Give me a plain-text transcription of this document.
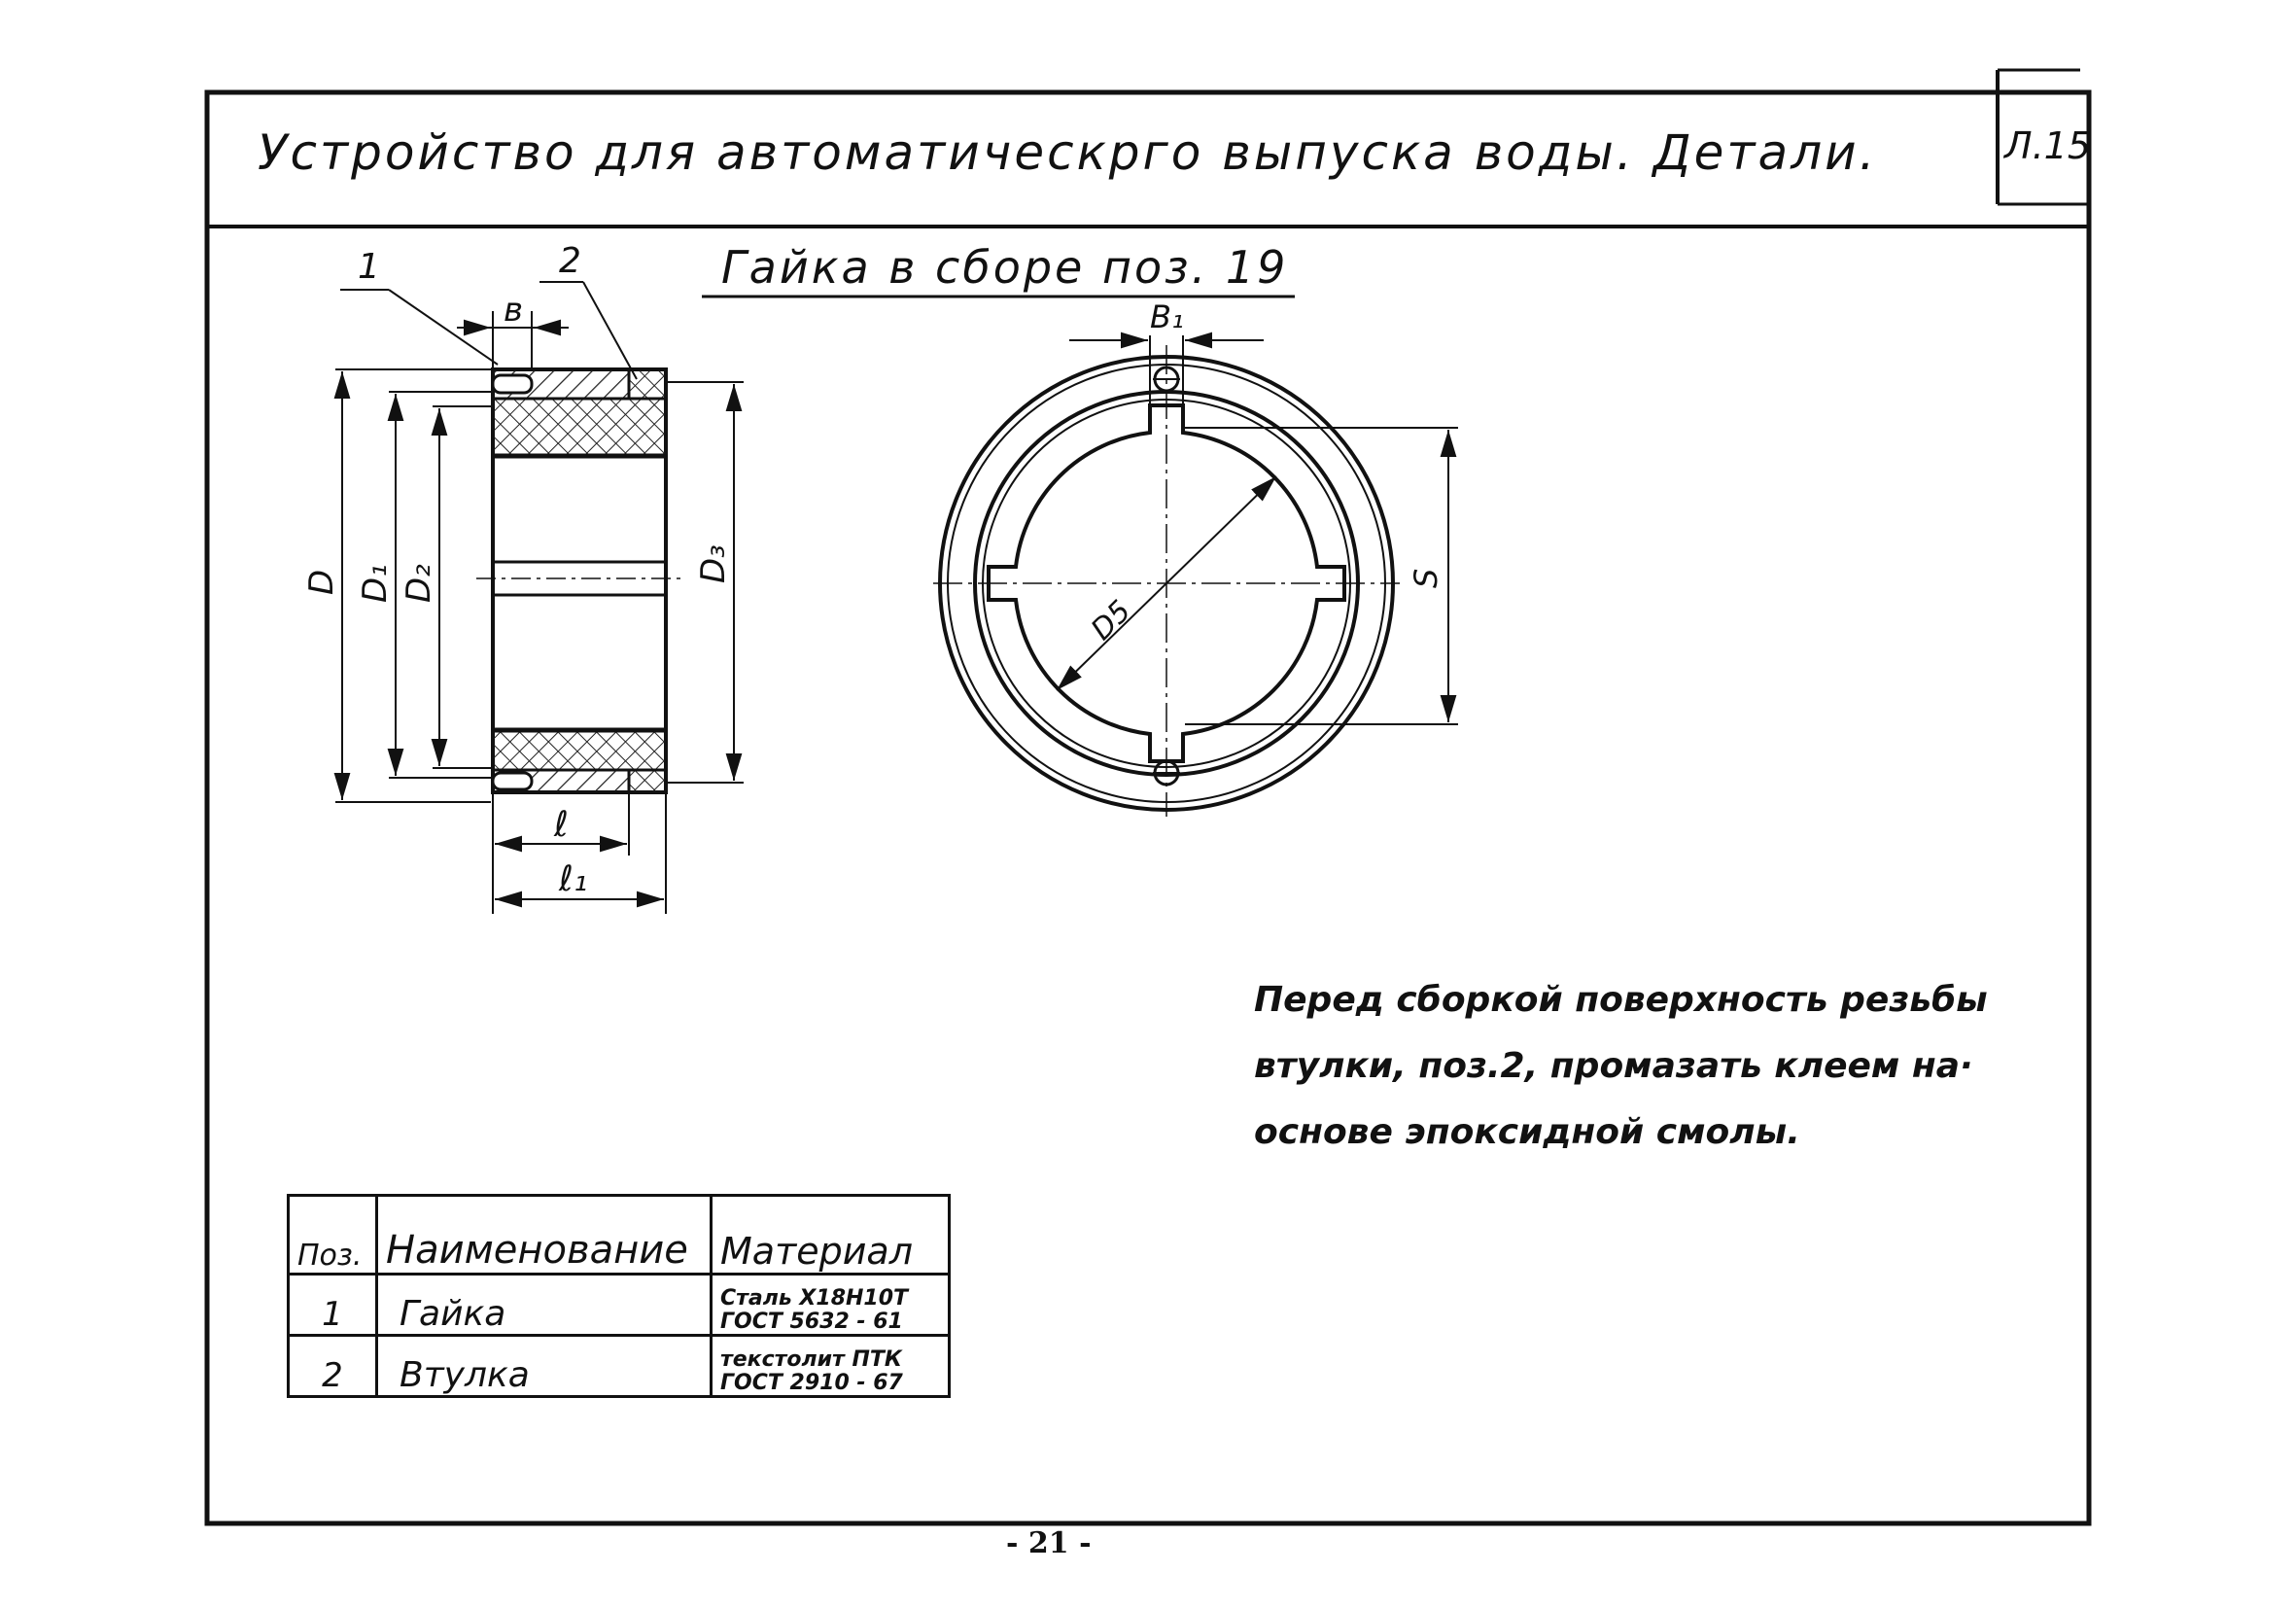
1	2
в
D D₁ D₂
D₃
ℓ
ℓ₁
В₁
S
D5
Устройство для автоматическрго выпуска воды. Детали.	Л.15
Гайка в сборе поз. 19
Перед сборкой поверхность резьбы
втулки, поз.2, промазать клеем на·
основе эпоксидной смолы.
Поз.	Наименование	Материал
1	Гайка	Сталь Х18Н10Т
ГОСТ 5632 - 61

2	Втулка	текстолит ПТК
ГОСТ 2910 - 67
- 21 -
